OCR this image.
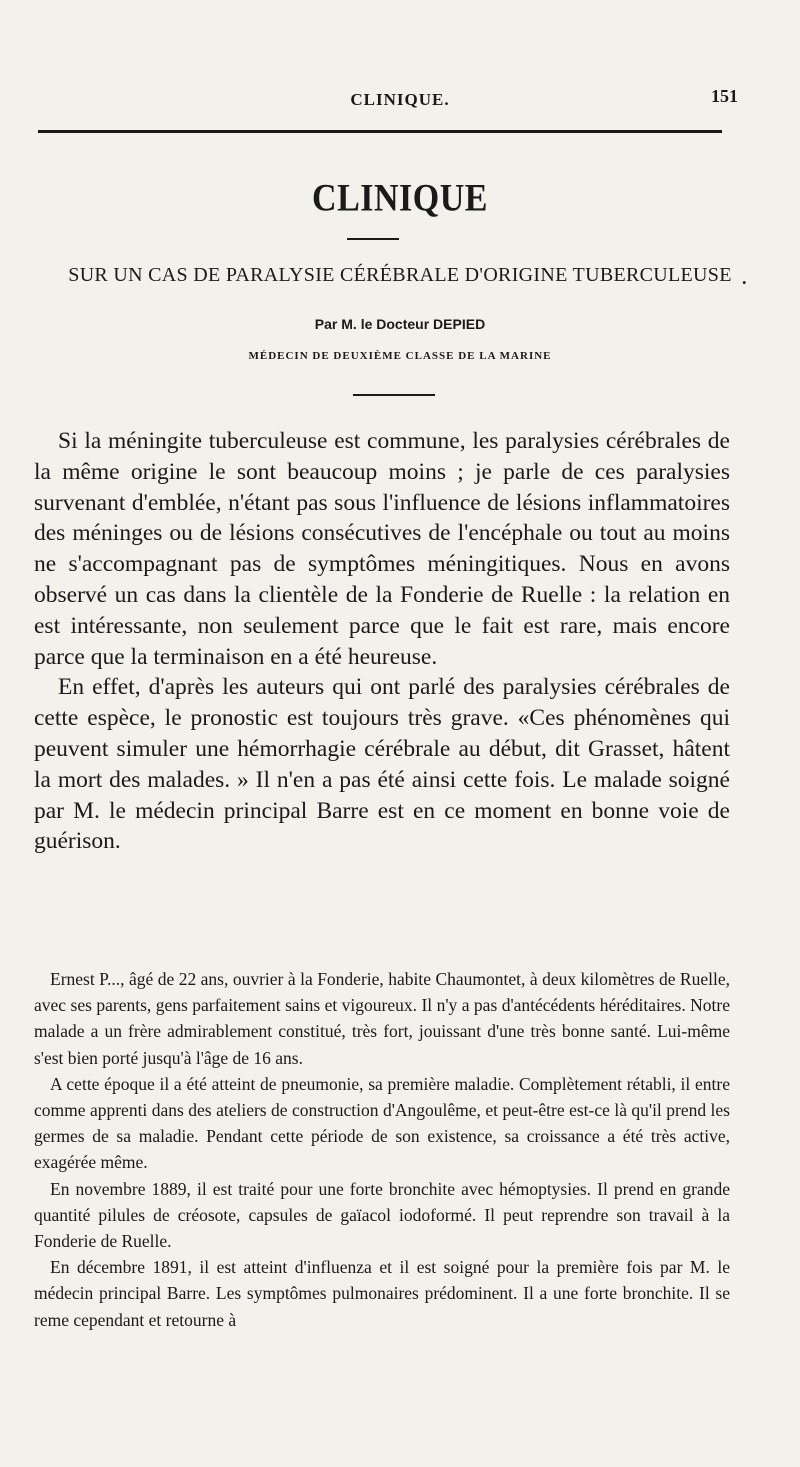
CLINIQUE.	151
CLINIQUE
SUR UN CAS DE PARALYSIE CÉRÉBRALE D'ORIGINE TUBERCULEUSE .
Par M. le Docteur DEPIED
MÉDECIN DE DEUXIÈME CLASSE DE LA MARINE

Si la méningite tuberculeuse est commune, les paralysies cérébrales de la même origine le sont beaucoup moins ; je parle de ces paralysies survenant d'emblée, n'étant pas sous l'influence de lésions inflammatoires des méninges ou de lésions consécutives de l'encéphale ou tout au moins ne s'accompagnant pas de symptômes méningitiques. Nous en avons observé un cas dans la clientèle de la Fonderie de Ruelle : la relation en est intéressante, non seulement parce que le fait est rare, mais encore parce que la terminaison en a été heureuse.

En effet, d'après les auteurs qui ont parlé des paralysies cérébrales de cette espèce, le pronostic est toujours très grave. «Ces phénomènes qui peuvent simuler une hémorrhagie cérébrale au début, dit Grasset, hâtent la mort des malades. » Il n'en a pas été ainsi cette fois. Le malade soigné par M. le médecin principal Barre est en ce moment en bonne voie de guérison.

Ernest P..., âgé de 22 ans, ouvrier à la Fonderie, habite Chaumontet, à deux kilomètres de Ruelle, avec ses parents, gens parfaitement sains et vigoureux. Il n'y a pas d'antécédents héréditaires. Notre malade a un frère admirablement constitué, très fort, jouissant d'une très bonne santé. Lui-même s'est bien porté jusqu'à l'âge de 16 ans.

A cette époque il a été atteint de pneumonie, sa première maladie. Complètement rétabli, il entre comme apprenti dans des ateliers de construction d'Angoulême, et peut-être est-ce là qu'il prend les germes de sa maladie. Pendant cette période de son existence, sa croissance a été très active, exagérée même.

En novembre 1889, il est traité pour une forte bronchite avec hémoptysies. Il prend en grande quantité pilules de créosote, capsules de gaïacol iodoformé. Il peut reprendre son travail à la Fonderie de Ruelle.

En décembre 1891, il est atteint d'influenza et il est soigné pour la première fois par M. le médecin principal Barre. Les symptômes pulmonaires prédominent. Il a une forte bronchite. Il se reme cependant et retourne à
